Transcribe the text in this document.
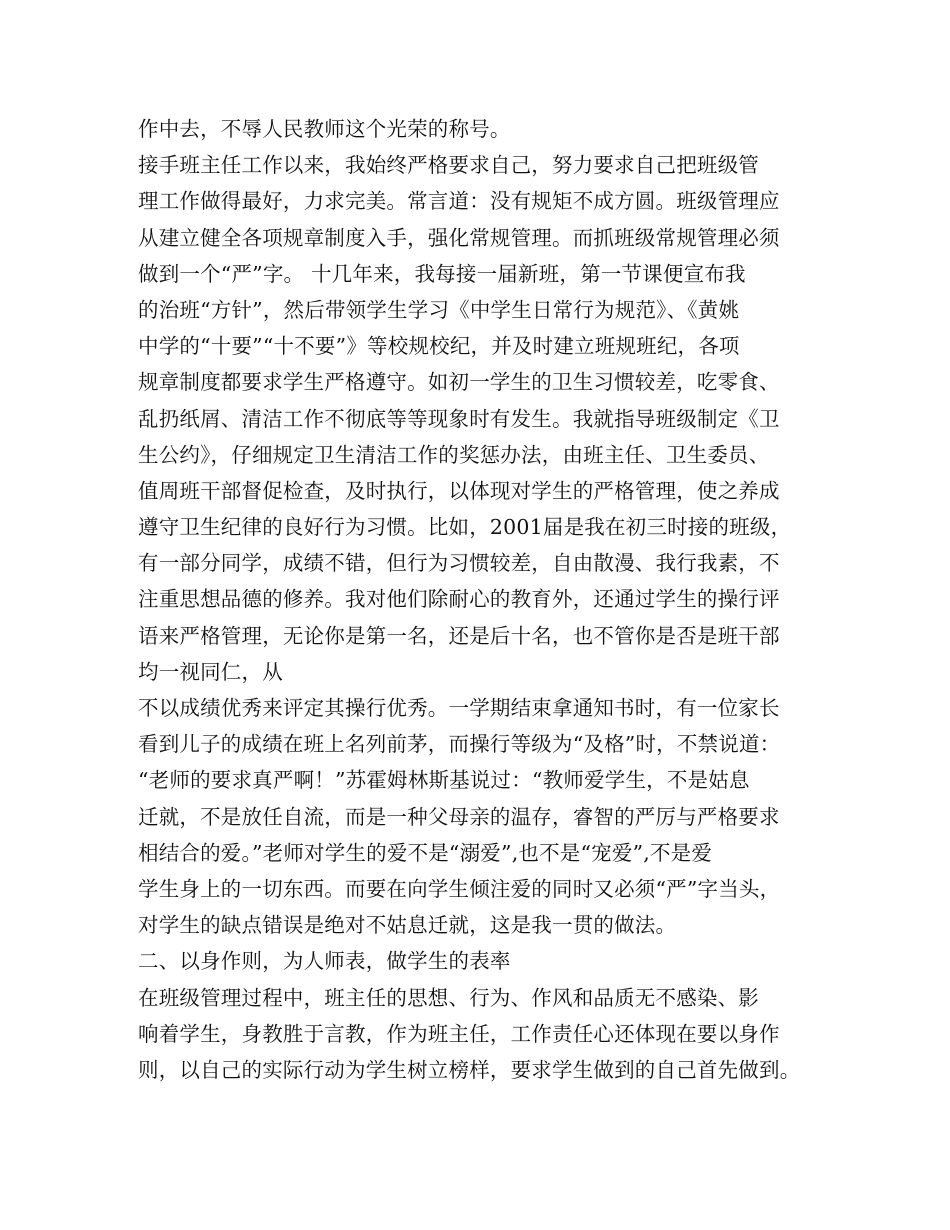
作中去，不辱人民教师这个光荣的称号。
接手班主任工作以来，我始终严格要求自己，努力要求自己把班级管
理工作做得最好，力求完美。常言道：没有规矩不成方圆。班级管理应
从建立健全各项规章制度入手，强化常规管理。而抓班级常规管理必须
做到一个“严”字。 十几年来，我每接一届新班，第一节课便宣布我
的治班“方针”，然后带领学生学习《中学生日常行为规范》、《黄姚
中学的“十要”“十不要”》等校规校纪，并及时建立班规班纪，各项
规章制度都要求学生严格遵守。如初一学生的卫生习惯较差，吃零食、
乱扔纸屑、清洁工作不彻底等等现象时有发生。我就指导班级制定《卫
生公约》，仔细规定卫生清洁工作的奖惩办法，由班主任、卫生委员、
值周班干部督促检查，及时执行，以体现对学生的严格管理，使之养成
遵守卫生纪律的良好行为习惯。比如，2001届是我在初三时接的班级，
有一部分同学，成绩不错，但行为习惯较差，自由散漫、我行我素，不
注重思想品德的修养。我对他们除耐心的教育外，还通过学生的操行评
语来严格管理，无论你是第一名，还是后十名，也不管你是否是班干部
均一视同仁，从
不以成绩优秀来评定其操行优秀。一学期结束拿通知书时，有一位家长
看到儿子的成绩在班上名列前茅，而操行等级为“及格”时，不禁说道：
“老师的要求真严啊！”苏霍姆林斯基说过：“教师爱学生，不是姑息
迁就，不是放任自流，而是一种父母亲的温存，睿智的严厉与严格要求
相结合的爱。”老师对学生的爱不是“溺爱”,也不是“宠爱”,不是爱
学生身上的一切东西。而要在向学生倾注爱的同时又必须“严”字当头，
对学生的缺点错误是绝对不姑息迁就，这是我一贯的做法。
二、以身作则，为人师表，做学生的表率
在班级管理过程中，班主任的思想、行为、作风和品质无不感染、影
响着学生，身教胜于言教，作为班主任，工作责任心还体现在要以身作
则，以自己的实际行动为学生树立榜样，要求学生做到的自己首先做到。
